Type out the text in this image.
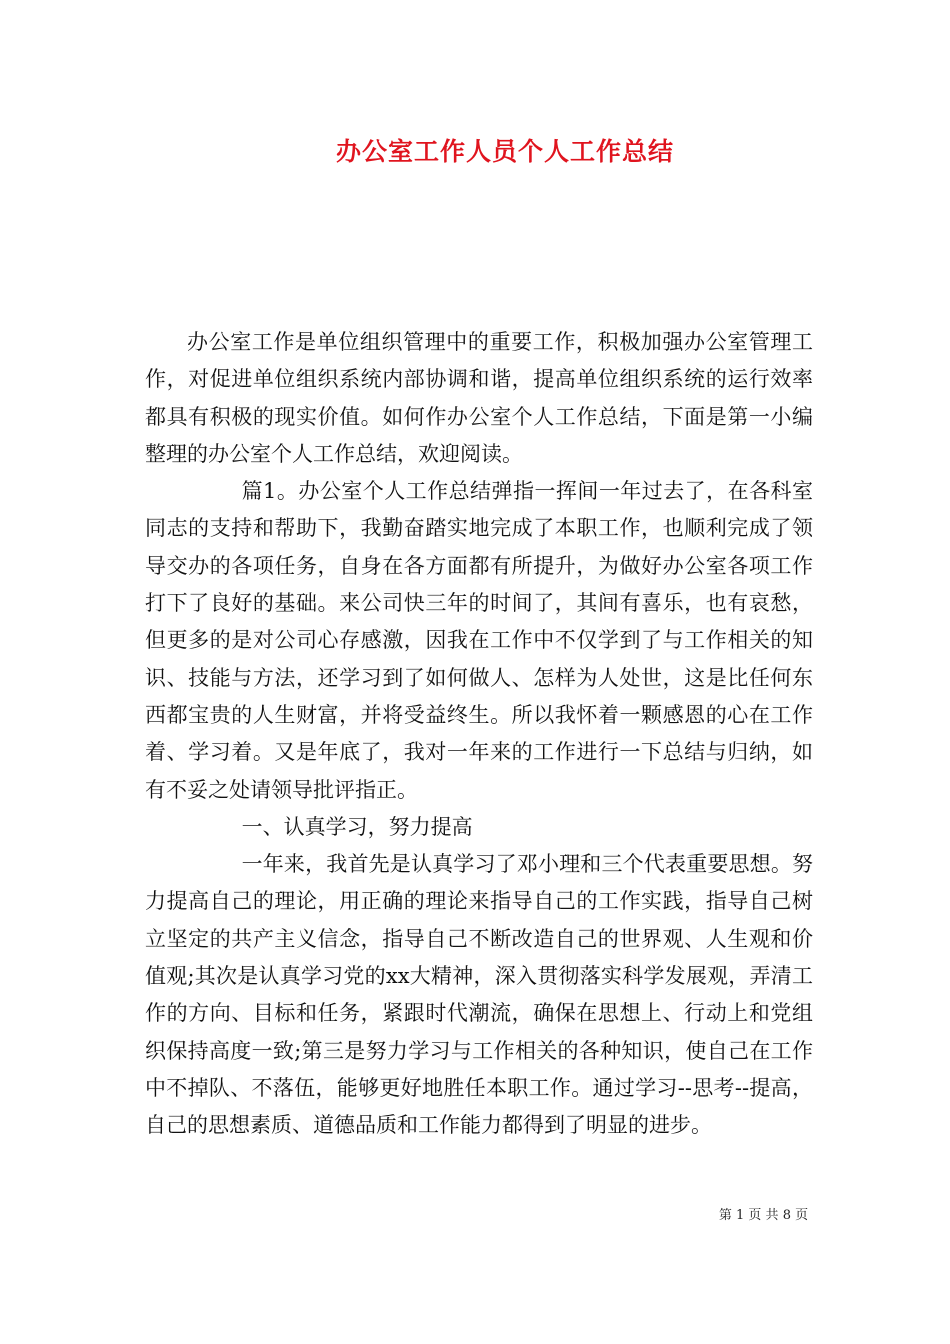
办公室工作人员个人工作总结

办公室工作是单位组织管理中的重要工作，积极加强办公室管理工作，对促进单位组织系统内部协调和谐，提高单位组织系统的运行效率都具有积极的现实价值。如何作办公室个人工作总结，下面是第一小编整理的办公室个人工作总结，欢迎阅读。

篇1。办公室个人工作总结弹指一挥间一年过去了，在各科室同志的支持和帮助下，我勤奋踏实地完成了本职工作，也顺利完成了领导交办的各项任务，自身在各方面都有所提升，为做好办公室各项工作打下了良好的基础。来公司快三年的时间了，其间有喜乐，也有哀愁，但更多的是对公司心存感激，因我在工作中不仅学到了与工作相关的知识、技能与方法，还学习到了如何做人、怎样为人处世，这是比任何东西都宝贵的人生财富，并将受益终生。所以我怀着一颗感恩的心在工作着、学习着。又是年底了，我对一年来的工作进行一下总结与归纳，如有不妥之处请领导批评指正。

一、认真学习，努力提高

一年来，我首先是认真学习了邓小理和三个代表重要思想。努力提高自己的理论，用正确的理论来指导自己的工作实践，指导自己树立坚定的共产主义信念，指导自己不断改造自己的世界观、人生观和价值观;其次是认真学习党的xx大精神，深入贯彻落实科学发展观，弄清工作的方向、目标和任务，紧跟时代潮流，确保在思想上、行动上和党组织保持高度一致;第三是努力学习与工作相关的各种知识，使自己在工作中不掉队、不落伍，能够更好地胜任本职工作。通过学习--思考--提高，自己的思想素质、道德品质和工作能力都得到了明显的进步。

第 1 页 共 8 页
